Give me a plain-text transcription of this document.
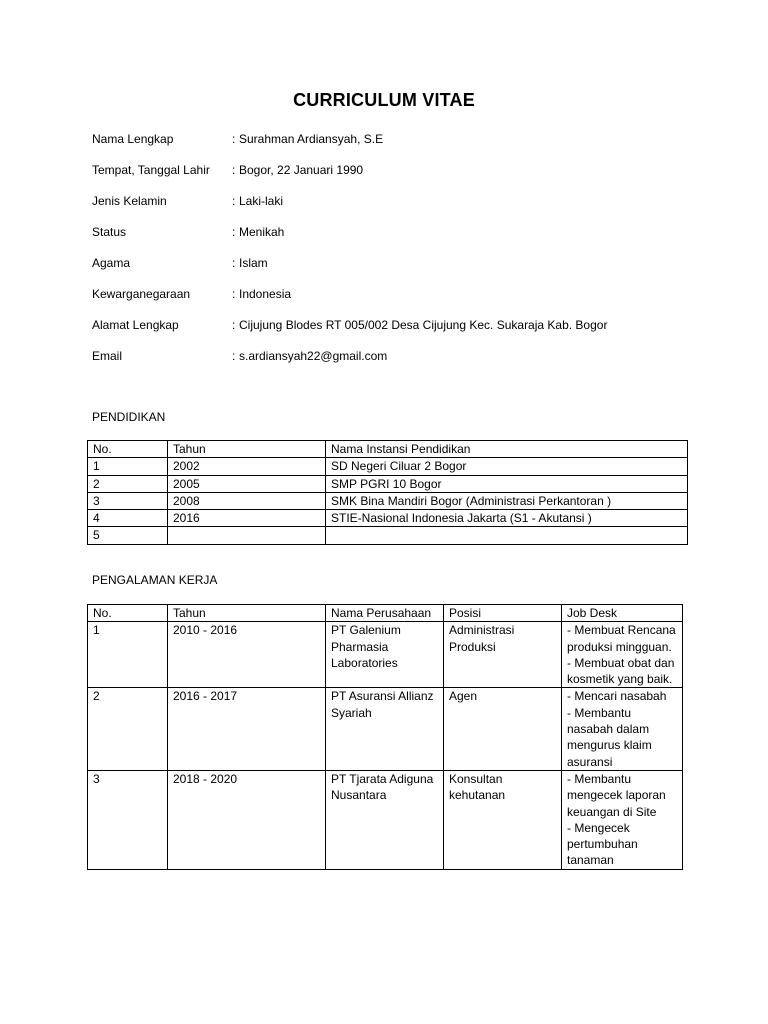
CURRICULUM VITAE
Nama Lengkap	: Surahman Ardiansyah, S.E
Tempat, Tanggal Lahir	: Bogor, 22 Januari 1990
Jenis Kelamin	: Laki-laki
Status	: Menikah
Agama	: Islam
Kewarganegaraan	: Indonesia
Alamat Lengkap	: Cijujung Blodes RT 005/002 Desa Cijujung Kec. Sukaraja Kab. Bogor
Email	: s.ardiansyah22@gmail.com
PENDIDIKAN
No.	Tahun	Nama Instansi Pendidikan
1	2002	SD Negeri Ciluar 2 Bogor
2	2005	SMP PGRI 10 Bogor
3	2008	SMK Bina Mandiri Bogor (Administrasi Perkantoran )
4	2016	STIE-Nasional Indonesia Jakarta (S1 - Akutansi )
5		
PENGALAMAN KERJA
No.	Tahun	Nama Perusahaan	Posisi	Job Desk
1	2010 - 2016	PT Galenium Pharmasia Laboratories	Administrasi Produksi	- Membuat Rencana produksi mingguan.
- Membuat obat dan kosmetik yang baik.

2	2016 - 2017	PT Asuransi Allianz Syariah	Agen	- Mencari nasabah
- Membantu nasabah dalam mengurus klaim asuransi

3	2018 - 2020	PT Tjarata Adiguna Nusantara	Konsultan kehutanan	- Membantu mengecek laporan keuangan di Site
- Mengecek pertumbuhan tanaman
